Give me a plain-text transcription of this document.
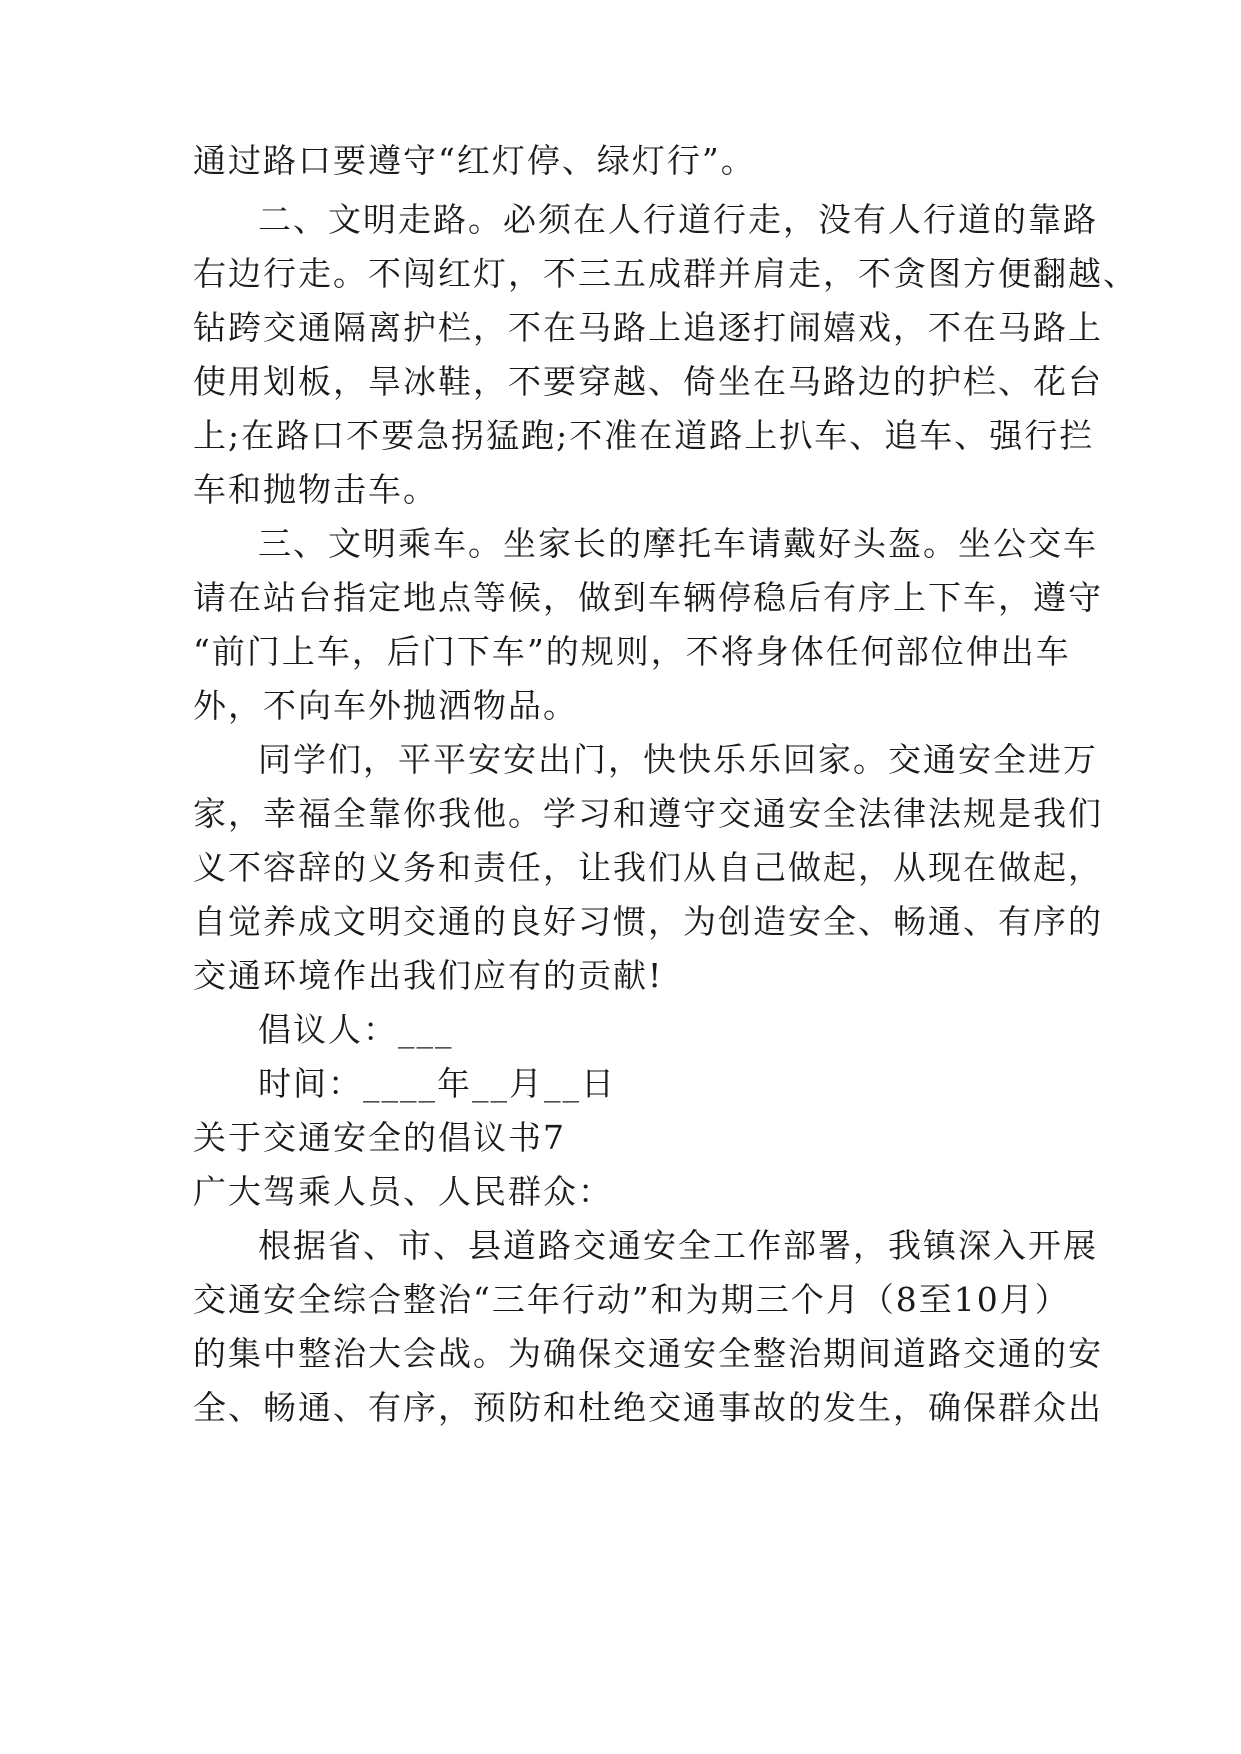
通过路口要遵守“红灯停、绿灯行”。
二、文明走路。必须在人行道行走，没有人行道的靠路
右边行走。不闯红灯，不三五成群并肩走，不贪图方便翻越、
钻跨交通隔离护栏，不在马路上追逐打闹嬉戏，不在马路上
使用划板，旱冰鞋，不要穿越、倚坐在马路边的护栏、花台
上;在路口不要急拐猛跑;不准在道路上扒车、追车、强行拦
车和抛物击车。
三、文明乘车。坐家长的摩托车请戴好头盔。坐公交车
请在站台指定地点等候，做到车辆停稳后有序上下车，遵守
“前门上车，后门下车”的规则，不将身体任何部位伸出车
外，不向车外抛洒物品。
同学们，平平安安出门，快快乐乐回家。交通安全进万
家，幸福全靠你我他。学习和遵守交通安全法律法规是我们
义不容辞的义务和责任，让我们从自己做起，从现在做起，
自觉养成文明交通的良好习惯，为创造安全、畅通、有序的
交通环境作出我们应有的贡献!
倡议人：___
时间：____年__月__日
关于交通安全的倡议书7
广大驾乘人员、人民群众：
根据省、市、县道路交通安全工作部署，我镇深入开展
交通安全综合整治“三年行动”和为期三个月（8至10月）
的集中整治大会战。为确保交通安全整治期间道路交通的安
全、畅通、有序，预防和杜绝交通事故的发生，确保群众出
